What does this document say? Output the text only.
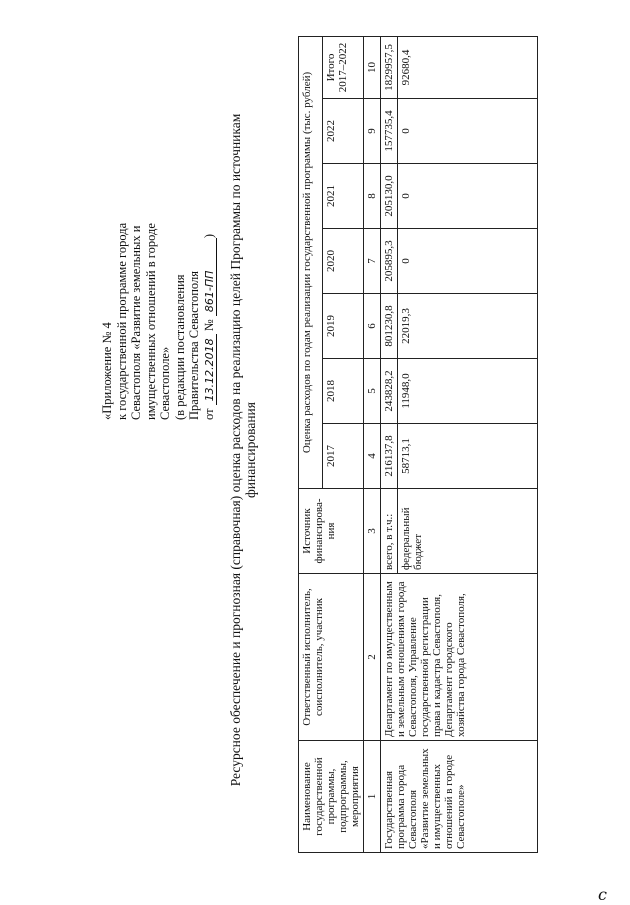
«Приложение № 4 к государственной программе города Севастополя «Развитие земельных и имущественных отношений в городе Севастополе» (в редакции постановления Правительства Севастополя от 13.12.2018 № 861-ПП) Ресурсное обеспечение и прогнозная (справочная) оценка расходов на реализацию целей Программы по источникам финансирования
Наименование государственной программы, подпрограммы, мероприятия	Ответственный исполнитель, соисполнитель, участник	Источник финансирова-ния	Оценка расходов по годам реализации государственной программы (тыс. рублей)						
			2017	2018	2019	2020	2021	2022	Итого 2017–2022
1	2	3	4	5	6	7	8	9	10
Государственная программа города Севастополя «Развитие земельных и имущественных отношений в городе Севастополе»	Департамент по имущественным и земельным отношениям города Севастополя, Управление государственной регистрации права и кадастра Севастополя, Департамент городского хозяйства города Севастополя,	всего, в т.ч.:	216137,8	243828,2	801230,8	205895,3	205130,0	157735,4	1829957,5
		федеральный бюджет	58713,1	11948,0	22019,3	0	0	0	92680,4
с
